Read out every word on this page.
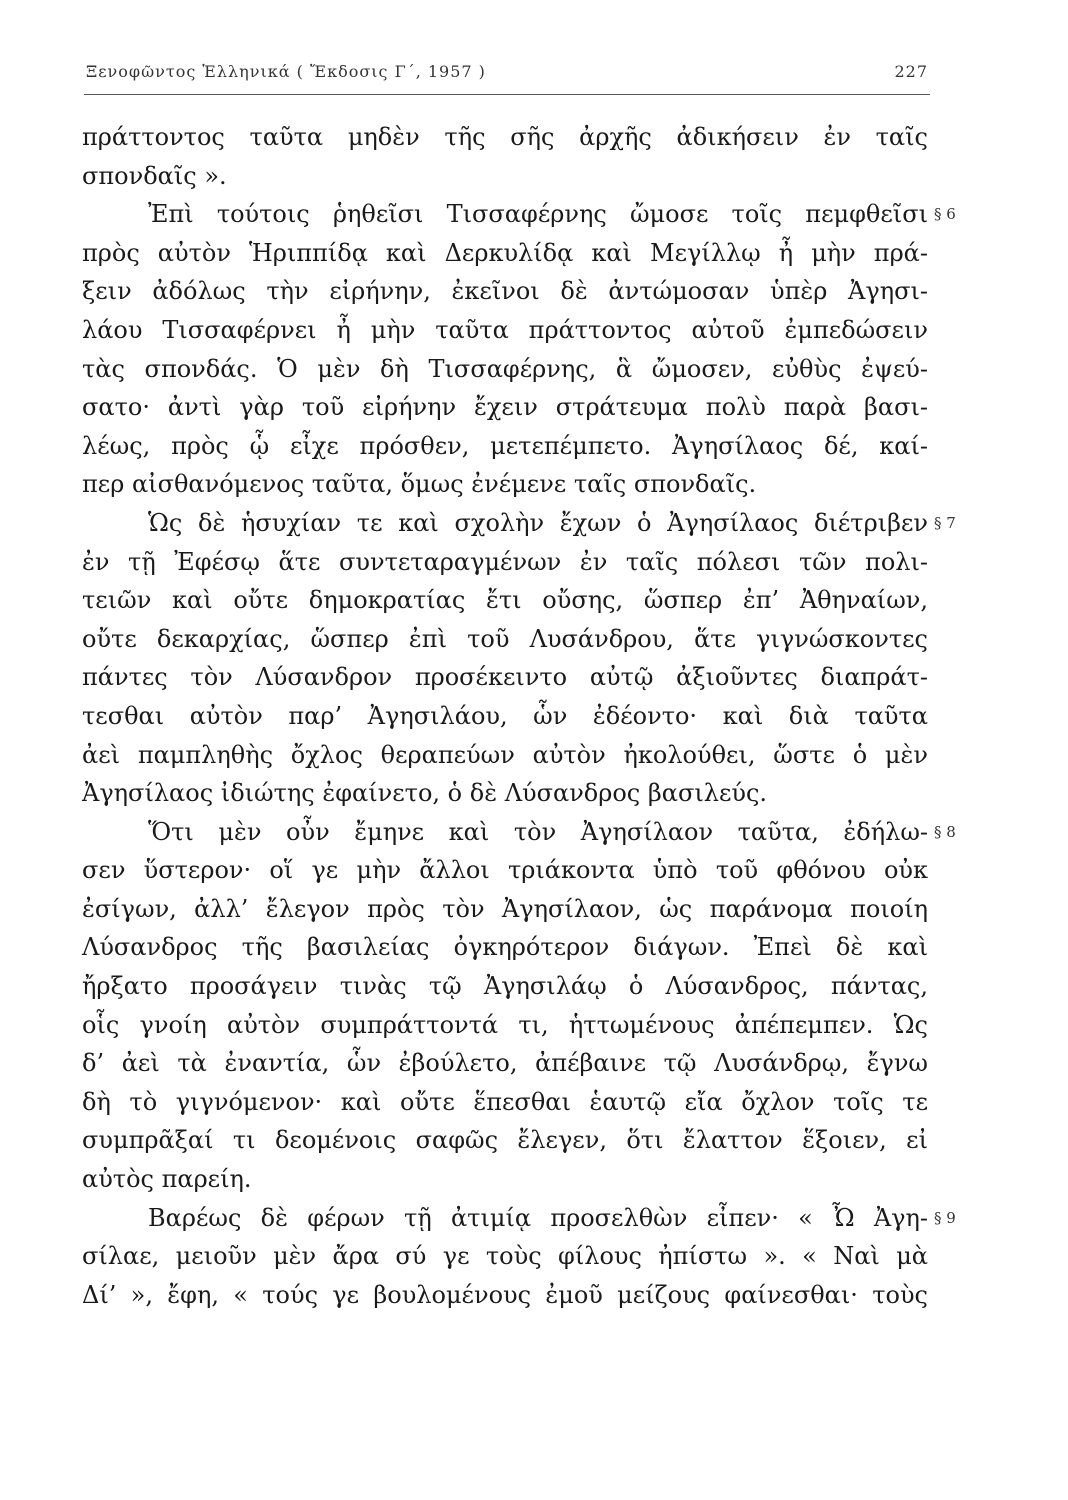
Ξενοφῶντος Ἑλληνικά ( Ἔκδοσις Γ΄, 1957 )	227
πράττοντος ταῦτα μηδὲν τῆς σῆς ἀρχῆς ἀδικήσειν ἐν ταῖς
σπονδαῖς ».
Ἐπὶ τούτοις ῥηθεῖσι Τισσαφέρνης ὤμοσε τοῖς πεμφθεῖσι § 6
πρὸς αὐτὸν Ἡριππίδᾳ καὶ Δερκυλίδᾳ καὶ Μεγίλλῳ ἦ μὴν πρά-
ξειν ἀδόλως τὴν εἰρήνην, ἐκεῖνοι δὲ ἀντώμοσαν ὑπὲρ Ἀγησι-
λάου Τισσαφέρνει ἦ μὴν ταῦτα πράττοντος αὐτοῦ ἐμπεδώσειν
τὰς σπονδάς. Ὁ μὲν δὴ Τισσαφέρνης, ἃ ὤμοσεν, εὐθὺς ἐψεύ-
σατο· ἀντὶ γὰρ τοῦ εἰρήνην ἔχειν στράτευμα πολὺ παρὰ βασι-
λέως, πρὸς ᾧ εἶχε πρόσθεν, μετεπέμπετο. Ἀγησίλαος δέ, καί-
περ αἰσθανόμενος ταῦτα, ὅμως ἐνέμενε ταῖς σπονδαῖς.
Ὡς δὲ ἡσυχίαν τε καὶ σχολὴν ἔχων ὁ Ἀγησίλαος διέτριβεν § 7
ἐν τῇ Ἐφέσῳ ἅτε συντεταραγμένων ἐν ταῖς πόλεσι τῶν πολι-
τειῶν καὶ οὔτε δημοκρατίας ἔτι οὔσης, ὥσπερ ἐπ’ Ἀθηναίων,
οὔτε δεκαρχίας, ὥσπερ ἐπὶ τοῦ Λυσάνδρου, ἅτε γιγνώσκοντες
πάντες τὸν Λύσανδρον προσέκειντο αὐτῷ ἀξιοῦντες διαπράτ-
τεσθαι αὐτὸν παρ’ Ἀγησιλάου, ὧν ἐδέοντο· καὶ διὰ ταῦτα
ἀεὶ παμπληθὴς ὄχλος θεραπεύων αὐτὸν ἠκολούθει, ὥστε ὁ μὲν
Ἀγησίλαος ἰδιώτης ἐφαίνετο, ὁ δὲ Λύσανδρος βασιλεύς.
Ὅτι μὲν οὖν ἔμηνε καὶ τὸν Ἀγησίλαον ταῦτα, ἐδήλω- § 8
σεν ὕστερον· οἵ γε μὴν ἄλλοι τριάκοντα ὑπὸ τοῦ φθόνου οὐκ
ἐσίγων, ἀλλ’ ἔλεγον πρὸς τὸν Ἀγησίλαον, ὡς παράνομα ποιοίη
Λύσανδρος τῆς βασιλείας ὀγκηρότερον διάγων. Ἐπεὶ δὲ καὶ
ἤρξατο προσάγειν τινὰς τῷ Ἀγησιλάῳ ὁ Λύσανδρος, πάντας,
οἷς γνοίη αὐτὸν συμπράττοντά τι, ἡττωμένους ἀπέπεμπεν. Ὡς
δ’ ἀεὶ τὰ ἐναντία, ὧν ἐβούλετο, ἀπέβαινε τῷ Λυσάνδρῳ, ἔγνω
δὴ τὸ γιγνόμενον· καὶ οὔτε ἕπεσθαι ἑαυτῷ εἴα ὄχλον τοῖς τε
συμπρᾶξαί τι δεομένοις σαφῶς ἔλεγεν, ὅτι ἔλαττον ἕξοιεν, εἰ
αὐτὸς παρείη.
Βαρέως δὲ φέρων τῇ ἀτιμίᾳ προσελθὼν εἶπεν· « Ὦ Ἀγη- § 9
σίλαε, μειοῦν μὲν ἄρα σύ γε τοὺς φίλους ἠπίστω ». « Ναὶ μὰ
Δί’ », ἔφη, « τούς γε βουλομένους ἐμοῦ μείζους φαίνεσθαι· τοὺς
